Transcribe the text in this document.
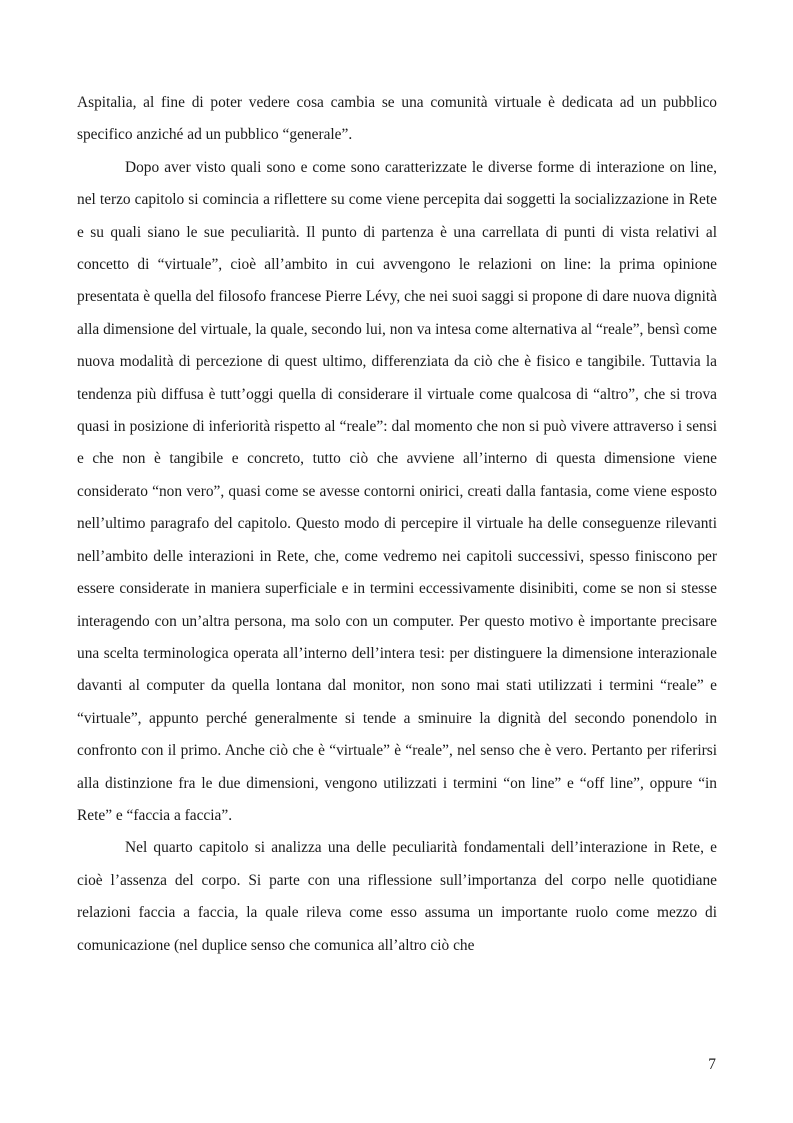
Aspitalia, al fine di poter vedere cosa cambia se una comunità virtuale è dedicata ad un pubblico specifico anziché ad un pubblico “generale”.

Dopo aver visto quali sono e come sono caratterizzate le diverse forme di interazione on line, nel terzo capitolo si comincia a riflettere su come viene percepita dai soggetti la socializzazione in Rete e su quali siano le sue peculiarità. Il punto di partenza è una carrellata di punti di vista relativi al concetto di “virtuale”, cioè all’ambito in cui avvengono le relazioni on line: la prima opinione presentata è quella del filosofo francese Pierre Lévy, che nei suoi saggi si propone di dare nuova dignità alla dimensione del virtuale, la quale, secondo lui, non va intesa come alternativa al “reale”, bensì come nuova modalità di percezione di quest ultimo, differenziata da ciò che è fisico e tangibile. Tuttavia la tendenza più diffusa è tutt’oggi quella di considerare il virtuale come qualcosa di “altro”, che si trova quasi in posizione di inferiorità rispetto al “reale”: dal momento che non si può vivere attraverso i sensi e che non è tangibile e concreto, tutto ciò che avviene all’interno di questa dimensione viene considerato “non vero”, quasi come se avesse contorni onirici, creati dalla fantasia, come viene esposto nell’ultimo paragrafo del capitolo. Questo modo di percepire il virtuale ha delle conseguenze rilevanti nell’ambito delle interazioni in Rete, che, come vedremo nei capitoli successivi, spesso finiscono per essere considerate in maniera superficiale e in termini eccessivamente disinibiti, come se non si stesse interagendo con un’altra persona, ma solo con un computer. Per questo motivo è importante precisare una scelta terminologica operata all’interno dell’intera tesi: per distinguere la dimensione interazionale davanti al computer da quella lontana dal monitor, non sono mai stati utilizzati i termini “reale” e “virtuale”, appunto perché generalmente si tende a sminuire la dignità del secondo ponendolo in confronto con il primo. Anche ciò che è “virtuale” è “reale”, nel senso che è vero. Pertanto per riferirsi alla distinzione fra le due dimensioni, vengono utilizzati i termini “on line” e “off line”, oppure “in Rete” e “faccia a faccia”.

Nel quarto capitolo si analizza una delle peculiarità fondamentali dell’interazione in Rete, e cioè l’assenza del corpo. Si parte con una riflessione sull’importanza del corpo nelle quotidiane relazioni faccia a faccia, la quale rileva come esso assuma un importante ruolo come mezzo di comunicazione (nel duplice senso che comunica all’altro ciò che

7
